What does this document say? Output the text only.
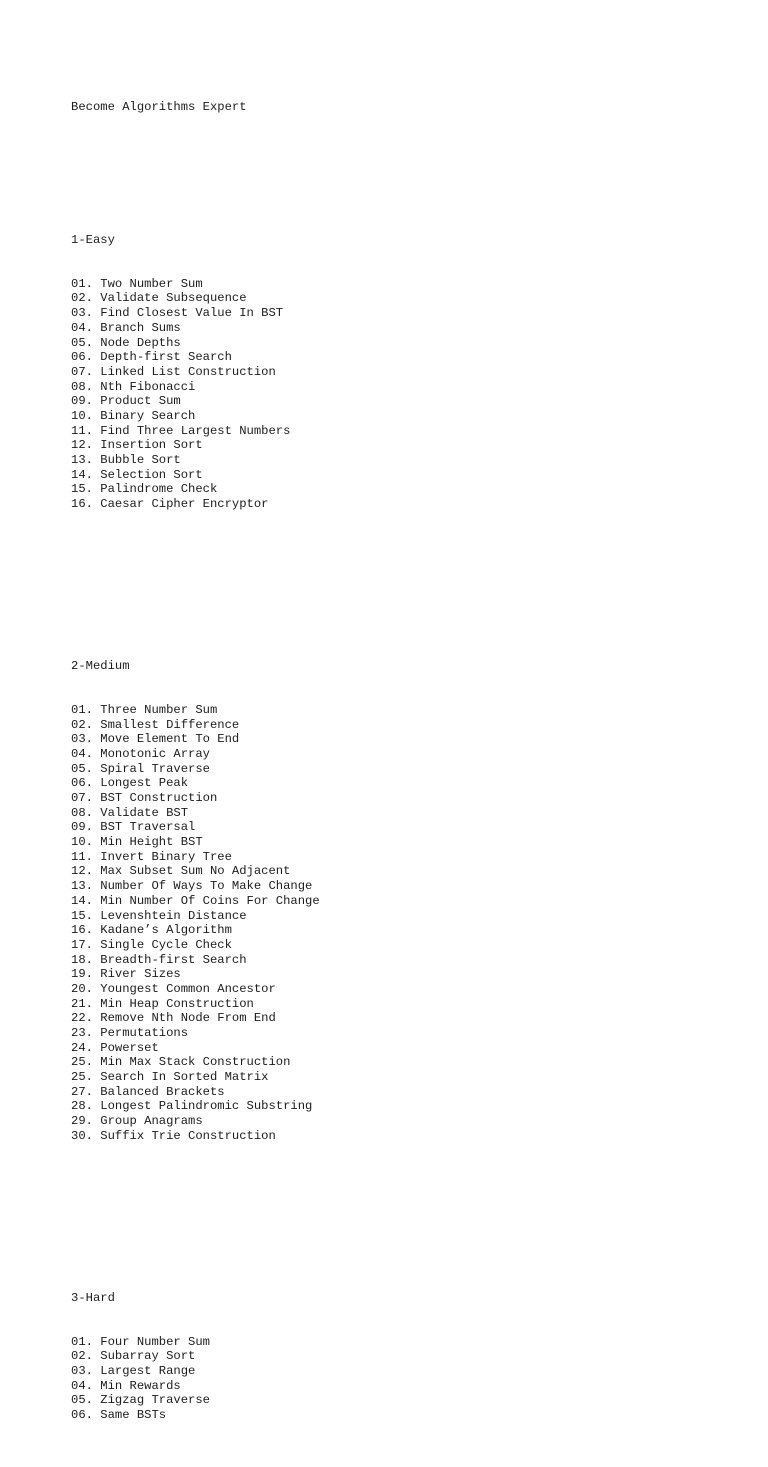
Become Algorithms Expert

1-Easy

01. Two Number Sum
02. Validate Subsequence
03. Find Closest Value In BST
04. Branch Sums
05. Node Depths
06. Depth-first Search
07. Linked List Construction
08. Nth Fibonacci
09. Product Sum
10. Binary Search
11. Find Three Largest Numbers
12. Insertion Sort
13. Bubble Sort
14. Selection Sort
15. Palindrome Check
16. Caesar Cipher Encryptor

2-Medium

01. Three Number Sum
02. Smallest Difference
03. Move Element To End
04. Monotonic Array
05. Spiral Traverse
06. Longest Peak
07. BST Construction
08. Validate BST
09. BST Traversal
10. Min Height BST
11. Invert Binary Tree
12. Max Subset Sum No Adjacent
13. Number Of Ways To Make Change
14. Min Number Of Coins For Change
15. Levenshtein Distance
16. Kadane’s Algorithm
17. Single Cycle Check
18. Breadth-first Search
19. River Sizes
20. Youngest Common Ancestor
21. Min Heap Construction
22. Remove Nth Node From End
23. Permutations
24. Powerset
25. Min Max Stack Construction
25. Search In Sorted Matrix
27. Balanced Brackets
28. Longest Palindromic Substring
29. Group Anagrams
30. Suffix Trie Construction

3-Hard

01. Four Number Sum
02. Subarray Sort
03. Largest Range
04. Min Rewards
05. Zigzag Traverse
06. Same BSTs
